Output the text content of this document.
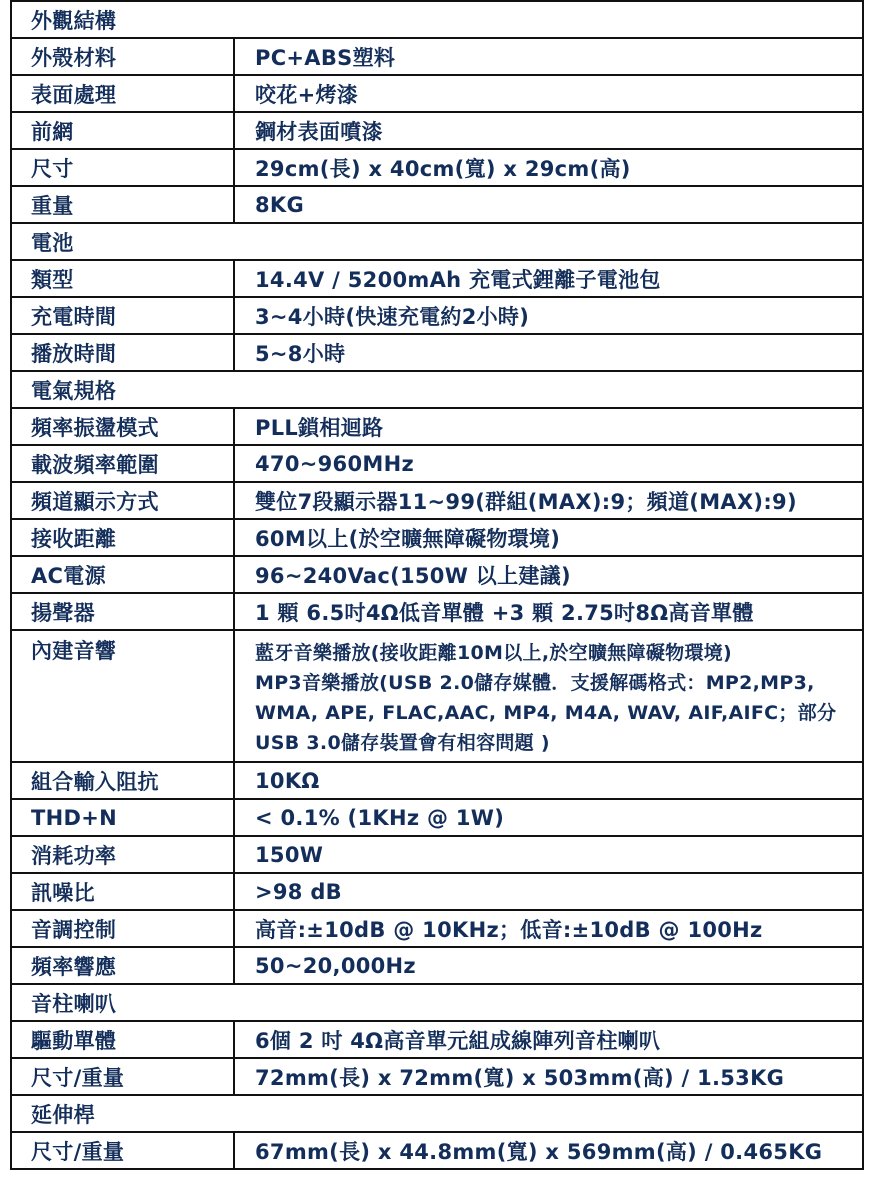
外觀結構	
外殼材料	PC+ABS塑料
表面處理	咬花+烤漆
前網	鋼材表面噴漆
尺寸	29cm(長) x 40cm(寬) x 29cm(高)
重量	8KG
電池	
類型	14.4V / 5200mAh 充電式鋰離子電池包
充電時間	3~4小時(快速充電約2小時)
播放時間	5~8小時
電氣規格	
頻率振盪模式	PLL鎖相迴路
載波頻率範圍	470~960MHz
頻道顯示方式	雙位7段顯示器11~99(群組(MAX):9；頻道(MAX):9)
接收距離	60M以上(於空曠無障礙物環境)
AC電源	96~240Vac(150W 以上建議)
揚聲器	1 顆 6.5吋4Ω低音單體 +3 顆 2.75吋8Ω高音單體
內建音響	藍牙音樂播放(接收距離10M以上,於空曠無障礙物環境)
MP3音樂播放(USB 2.0儲存媒體．支援解碼格式：MP2,MP3,
WMA, APE, FLAC,AAC, MP4, M4A, WAV, AIF,AIFC；部分
USB 3.0儲存裝置會有相容問題 )

組合輸入阻抗	10KΩ
THD+N	< 0.1% (1KHz @ 1W)
消耗功率	150W
訊噪比	>98 dB
音調控制	高音:±10dB @ 10KHz；低音:±10dB @ 100Hz
頻率響應	50~20,000Hz
音柱喇叭	
驅動單體	6個 2 吋 4Ω高音單元組成線陣列音柱喇叭
尺寸/重量	72mm(長) x 72mm(寬) x 503mm(高) / 1.53KG
延伸桿	
尺寸/重量	67mm(長) x 44.8mm(寬) x 569mm(高) / 0.465KG
